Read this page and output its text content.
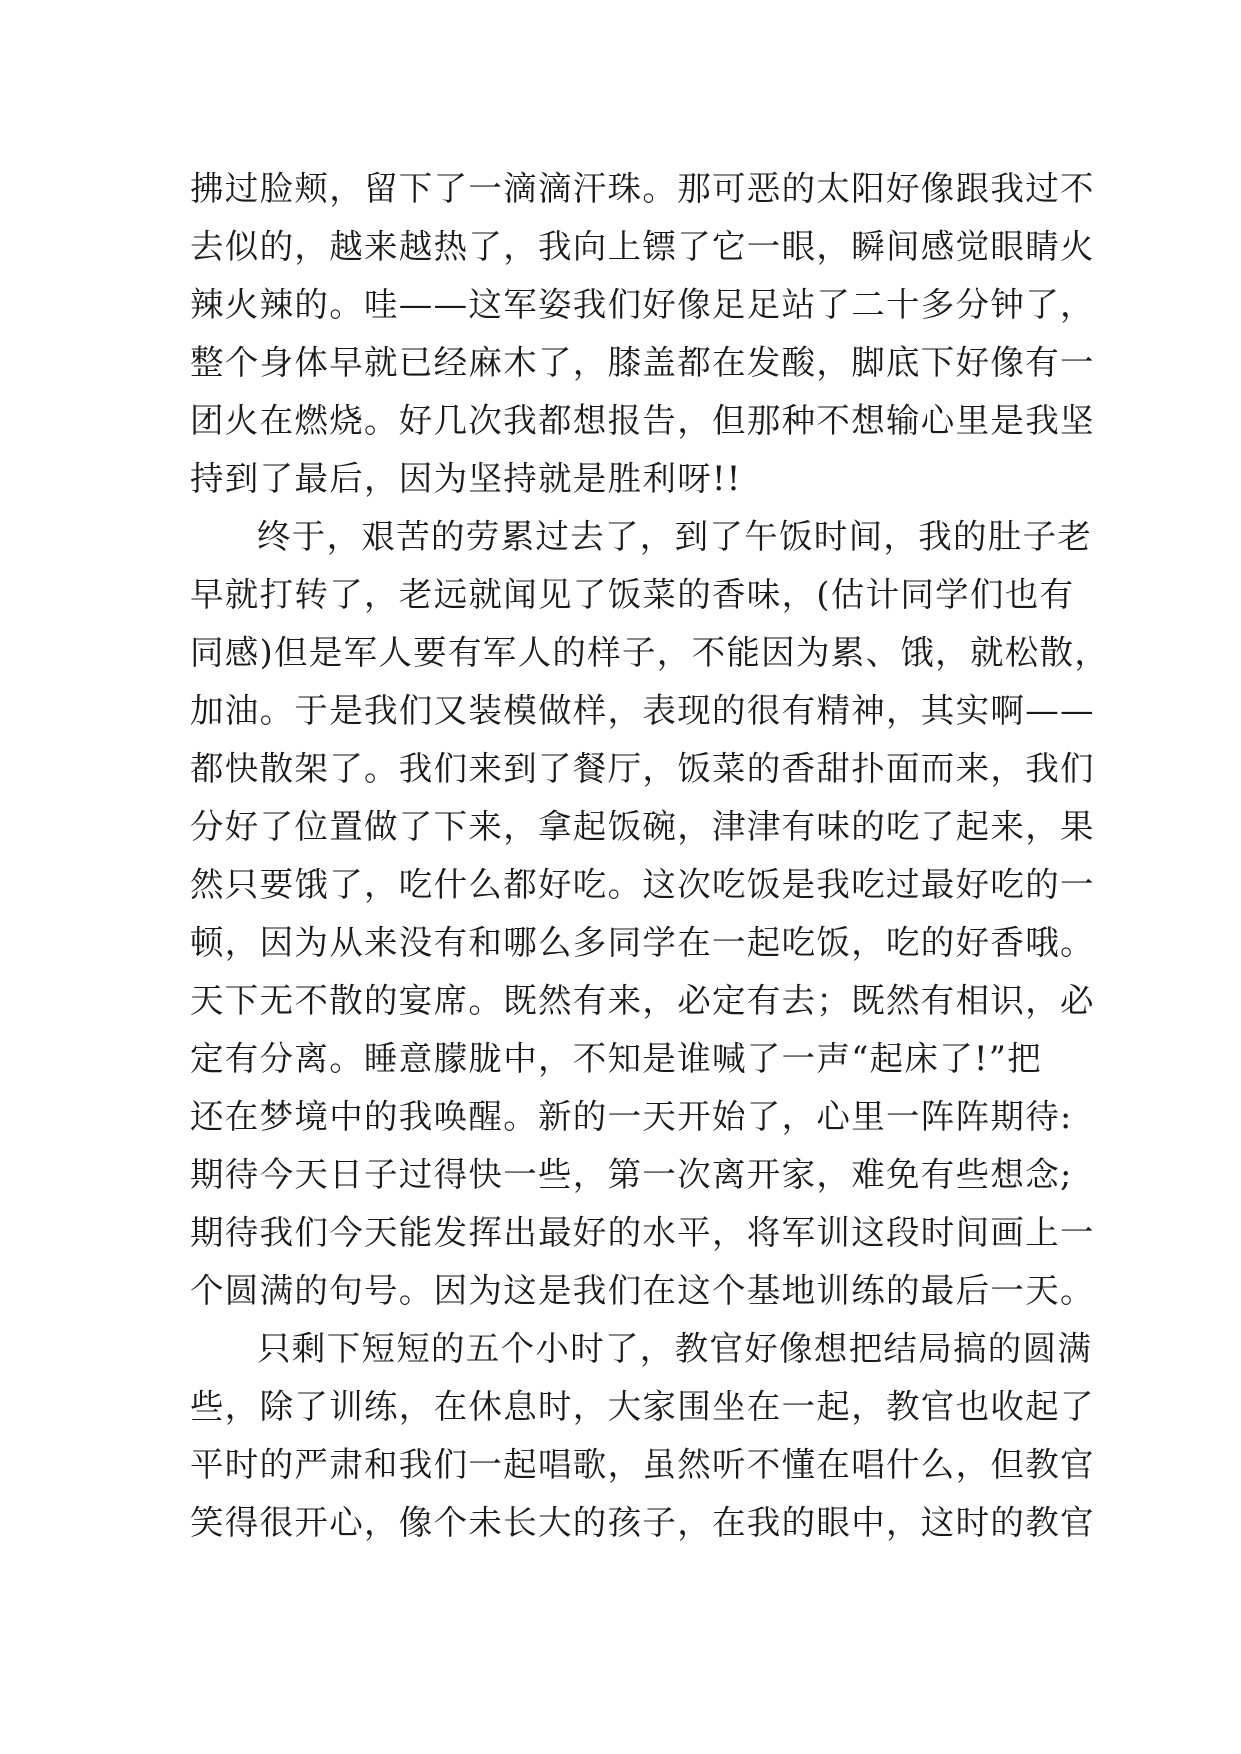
拂过脸颊，留下了一滴滴汗珠。那可恶的太阳好像跟我过不
去似的，越来越热了，我向上镖了它一眼，瞬间感觉眼睛火
辣火辣的。哇——这军姿我们好像足足站了二十多分钟了，
整个身体早就已经麻木了，膝盖都在发酸，脚底下好像有一
团火在燃烧。好几次我都想报告，但那种不想输心里是我坚
持到了最后，因为坚持就是胜利呀!!
终于，艰苦的劳累过去了，到了午饭时间，我的肚子老
早就打转了，老远就闻见了饭菜的香味，(估计同学们也有
同感)但是军人要有军人的样子，不能因为累、饿，就松散，
加油。于是我们又装模做样，表现的很有精神，其实啊——
都快散架了。我们来到了餐厅，饭菜的香甜扑面而来，我们
分好了位置做了下来，拿起饭碗，津津有味的吃了起来，果
然只要饿了，吃什么都好吃。这次吃饭是我吃过最好吃的一
顿，因为从来没有和哪么多同学在一起吃饭，吃的好香哦。
天下无不散的宴席。既然有来，必定有去；既然有相识，必
定有分离。睡意朦胧中，不知是谁喊了一声“起床了!”把
还在梦境中的我唤醒。新的一天开始了，心里一阵阵期待:
期待今天日子过得快一些，第一次离开家，难免有些想念;
期待我们今天能发挥出最好的水平，将军训这段时间画上一
个圆满的句号。因为这是我们在这个基地训练的最后一天。
只剩下短短的五个小时了，教官好像想把结局搞的圆满
些，除了训练，在休息时，大家围坐在一起，教官也收起了
平时的严肃和我们一起唱歌，虽然听不懂在唱什么，但教官
笑得很开心，像个未长大的孩子，在我的眼中，这时的教官
